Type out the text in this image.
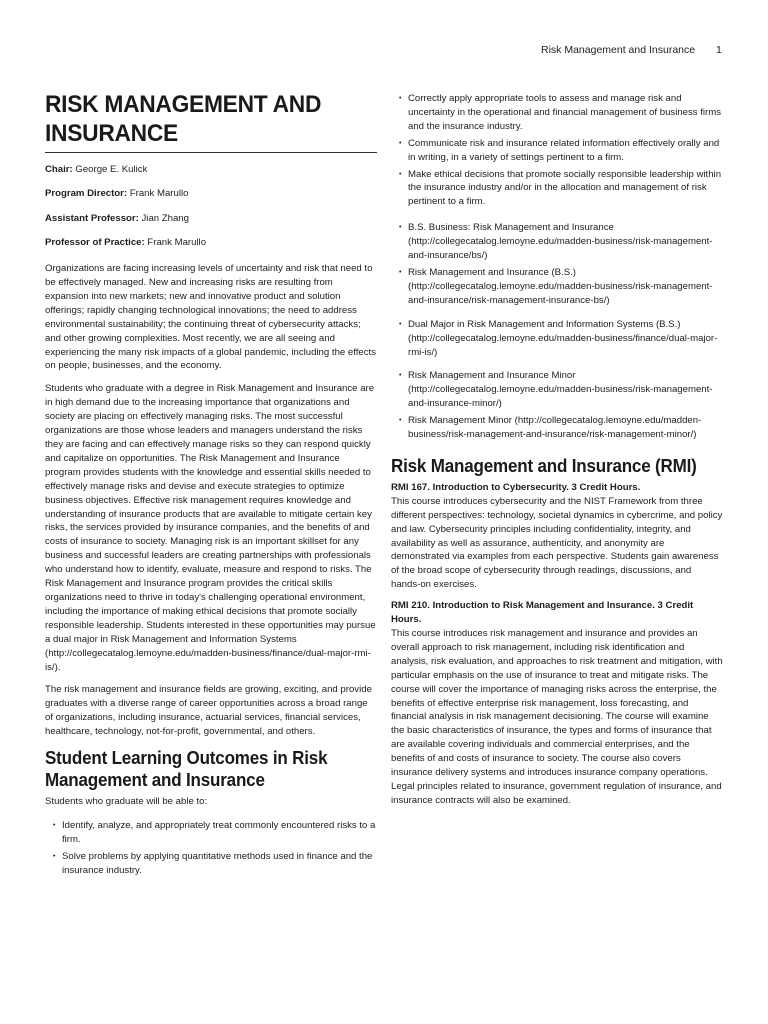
Risk Management and Insurance 1
RISK MANAGEMENT AND INSURANCE
Chair: George E. Kulick
Program Director: Frank Marullo
Assistant Professor: Jian Zhang
Professor of Practice: Frank Marullo

Organizations are facing increasing levels of uncertainty and risk that need to be effectively managed. New and increasing risks are resulting from expansion into new markets; new and innovative product and solution offerings; rapidly changing technological innovations; the need to address environmental sustainability; the continuing threat of cybersecurity attacks; and other growing complexities. Most recently, we are all seeing and experiencing the many risk impacts of a global pandemic, including the effects on people, businesses, and the economy.

Students who graduate with a degree in Risk Management and Insurance are in high demand due to the increasing importance that organizations and society are placing on effectively managing risks. The most successful organizations are those whose leaders and managers understand the risks they are facing and can effectively manage risks so they can respond quickly and capitalize on opportunities. The Risk Management and Insurance program provides students with the knowledge and essential skills needed to effectively manage risks and devise and execute strategies to optimize business objectives. Effective risk management requires knowledge and understanding of insurance products that are available to mitigate certain key risks, the services provided by insurance companies, and the benefits of and costs of insurance to society. Managing risk is an important skillset for any business and successful leaders are creating partnerships with professionals who understand how to identify, evaluate, measure and respond to risks. The Risk Management and Insurance program provides the critical skills organizations need to thrive in today's challenging operational environment, including the importance of making ethical decisions that promote socially responsible leadership. Students interested in these opportunities may pursue a dual major in Risk Management and Information Systems (http://collegecatalog.lemoyne.edu/madden-business/finance/dual-major-rmi-is/).

The risk management and insurance fields are growing, exciting, and provide graduates with a diverse range of career opportunities across a broad range of organizations, including insurance, actuarial services, financial services, healthcare, technology, not-for-profit, governmental, and others.

Student Learning Outcomes in Risk Management and Insurance

Students who graduate will be able to:

• Identify, analyze, and appropriately treat commonly encountered risks to a firm.
• Solve problems by applying quantitative methods used in finance and the insurance industry.
• Correctly apply appropriate tools to assess and manage risk and uncertainty in the operational and financial management of business firms and the insurance industry.
• Communicate risk and insurance related information effectively orally and in writing, in a variety of settings pertinent to a firm.
• Make ethical decisions that promote socially responsible leadership within the insurance industry and/or in the allocation and management of risk pertinent to a firm.
• B.S. Business: Risk Management and Insurance (http://collegecatalog.lemoyne.edu/madden-business/risk-management-and-insurance/bs/)
• Risk Management and Insurance (B.S.) (http://collegecatalog.lemoyne.edu/madden-business/risk-management-and-insurance/risk-management-insurance-bs/)
• Dual Major in Risk Management and Information Systems (B.S.) (http://collegecatalog.lemoyne.edu/madden-business/finance/dual-major-rmi-is/)
• Risk Management and Insurance Minor (http://collegecatalog.lemoyne.edu/madden-business/risk-management-and-insurance-minor/)
• Risk Management Minor (http://collegecatalog.lemoyne.edu/madden-business/risk-management-and-insurance/risk-management-minor/)
Risk Management and Insurance (RMI)

RMI 167. Introduction to Cybersecurity. 3 Credit Hours.

This course introduces cybersecurity and the NIST Framework from three different perspectives: technology, societal dynamics in cybercrime, and policy and law. Cybersecurity principles including confidentiality, integrity, and availability as well as assurance, authenticity, and anonymity are demonstrated via examples from each perspective. Students gain awareness of the broad scope of cybersecurity through readings, discussions, and hands-on exercises.

RMI 210. Introduction to Risk Management and Insurance. 3 Credit Hours.

This course introduces risk management and insurance and provides an overall approach to risk management, including risk identification and analysis, risk evaluation, and approaches to risk treatment and mitigation, with particular emphasis on the use of insurance to treat and mitigate risks. The course will cover the importance of managing risks across the enterprise, the benefits of effective enterprise risk management, loss forecasting, and financial analysis in risk management decisioning. The course will examine the basic characteristics of insurance, the types and forms of insurance that are available covering individuals and commercial enterprises, and the benefits of and costs of insurance to society. The course also covers insurance delivery systems and introduces insurance company operations. Legal principles related to insurance, government regulation of insurance, and insurance contracts will also be examined.
